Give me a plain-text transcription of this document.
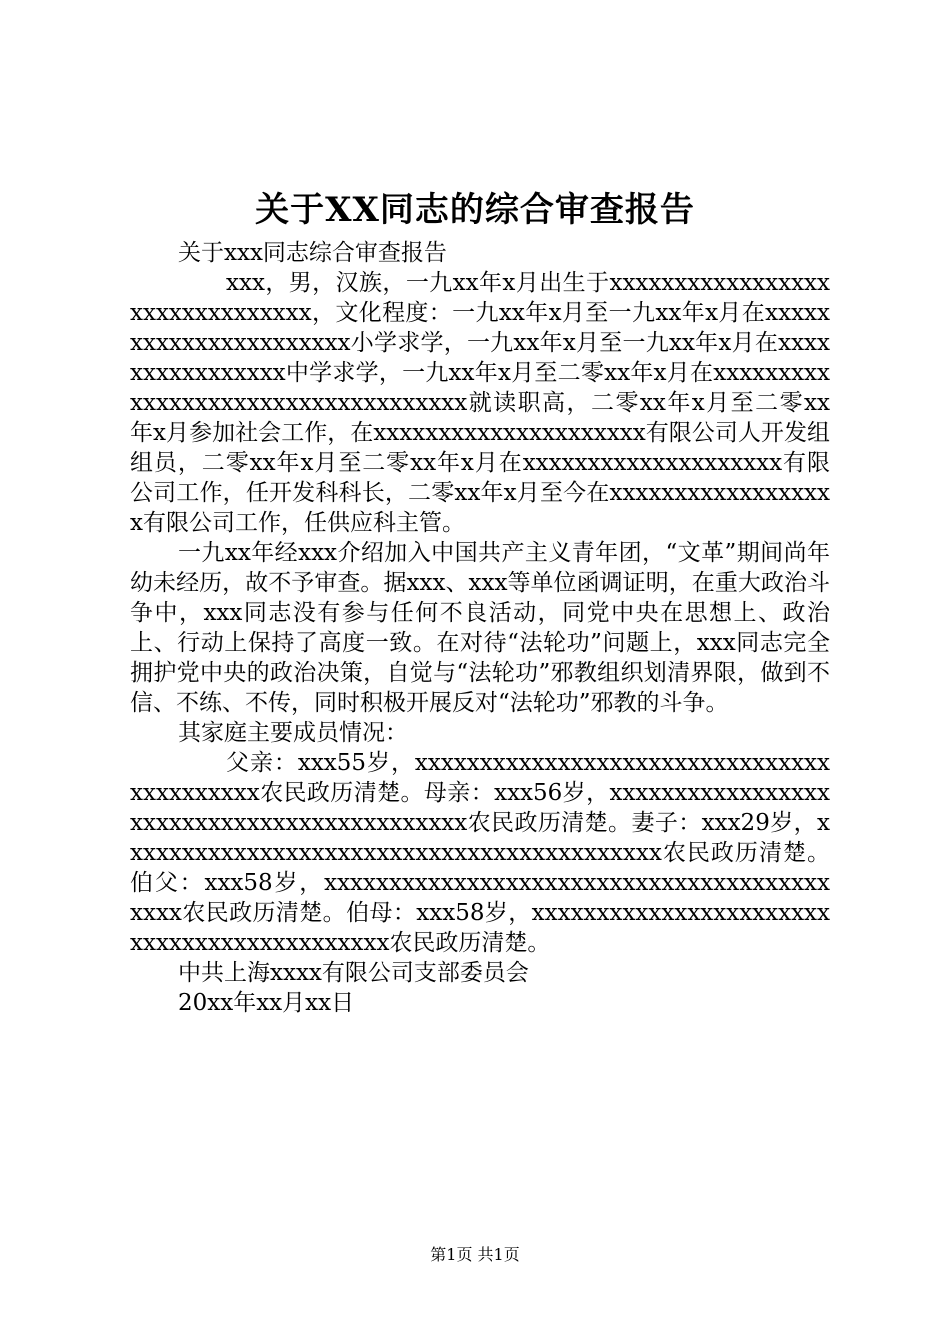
关于XX同志的综合审查报告

关于xxx同志综合审查报告

xxx，男，汉族，一九xx年x月出生于xxxxxxxxxxxxxxxxxxxxxxxxxxxxxxx，文化程度：一九xx年x月至一九xx年x月在xxxxxxxxxxxxxxxxxxxxxx小学求学，一九xx年x月至一九xx年x月在xxxxxxxxxxxxxxxx中学求学，一九xx年x月至二零xx年x月在xxxxxxxxxxxxxxxxxxxxxxxxxxxxxxxxxxx就读职高，二零xx年x月至二零xx年x月参加社会工作，在xxxxxxxxxxxxxxxxxxxxx有限公司人开发组组员，二零xx年x月至二零xx年x月在xxxxxxxxxxxxxxxxxxxx有限公司工作，任开发科科长，二零xx年x月至今在xxxxxxxxxxxxxxxxxx有限公司工作，任供应科主管。

一九xx年经xxx介绍加入中国共产主义青年团，“文革”期间尚年幼未经历，故不予审查。据xxx、xxx等单位函调证明，在重大政治斗争中，xxx同志没有参与任何不良活动，同党中央在思想上、政治上、行动上保持了高度一致。在对待“法轮功”问题上，xxx同志完全拥护党中央的政治决策，自觉与“法轮功”邪教组织划清界限，做到不信、不练、不传，同时积极开展反对“法轮功”邪教的斗争。

其家庭主要成员情况：

父亲：xxx55岁，xxxxxxxxxxxxxxxxxxxxxxxxxxxxxxxxxxxxxxxxxx农民政历清楚。母亲：xxx56岁，xxxxxxxxxxxxxxxxxxxxxxxxxxxxxxxxxxxxxxxxxxx农民政历清楚。妻子：xxx29岁，xxxxxxxxxxxxxxxxxxxxxxxxxxxxxxxxxxxxxxxxxx农民政历清楚。伯父：xxx58岁，xxxxxxxxxxxxxxxxxxxxxxxxxxxxxxxxxxxxxxxxxxx农民政历清楚。伯母：xxx58岁，xxxxxxxxxxxxxxxxxxxxxxxxxxxxxxxxxxxxxxxxxxx农民政历清楚。

中共上海xxxx有限公司支部委员会

20xx年xx月xx日

第1页 共1页
